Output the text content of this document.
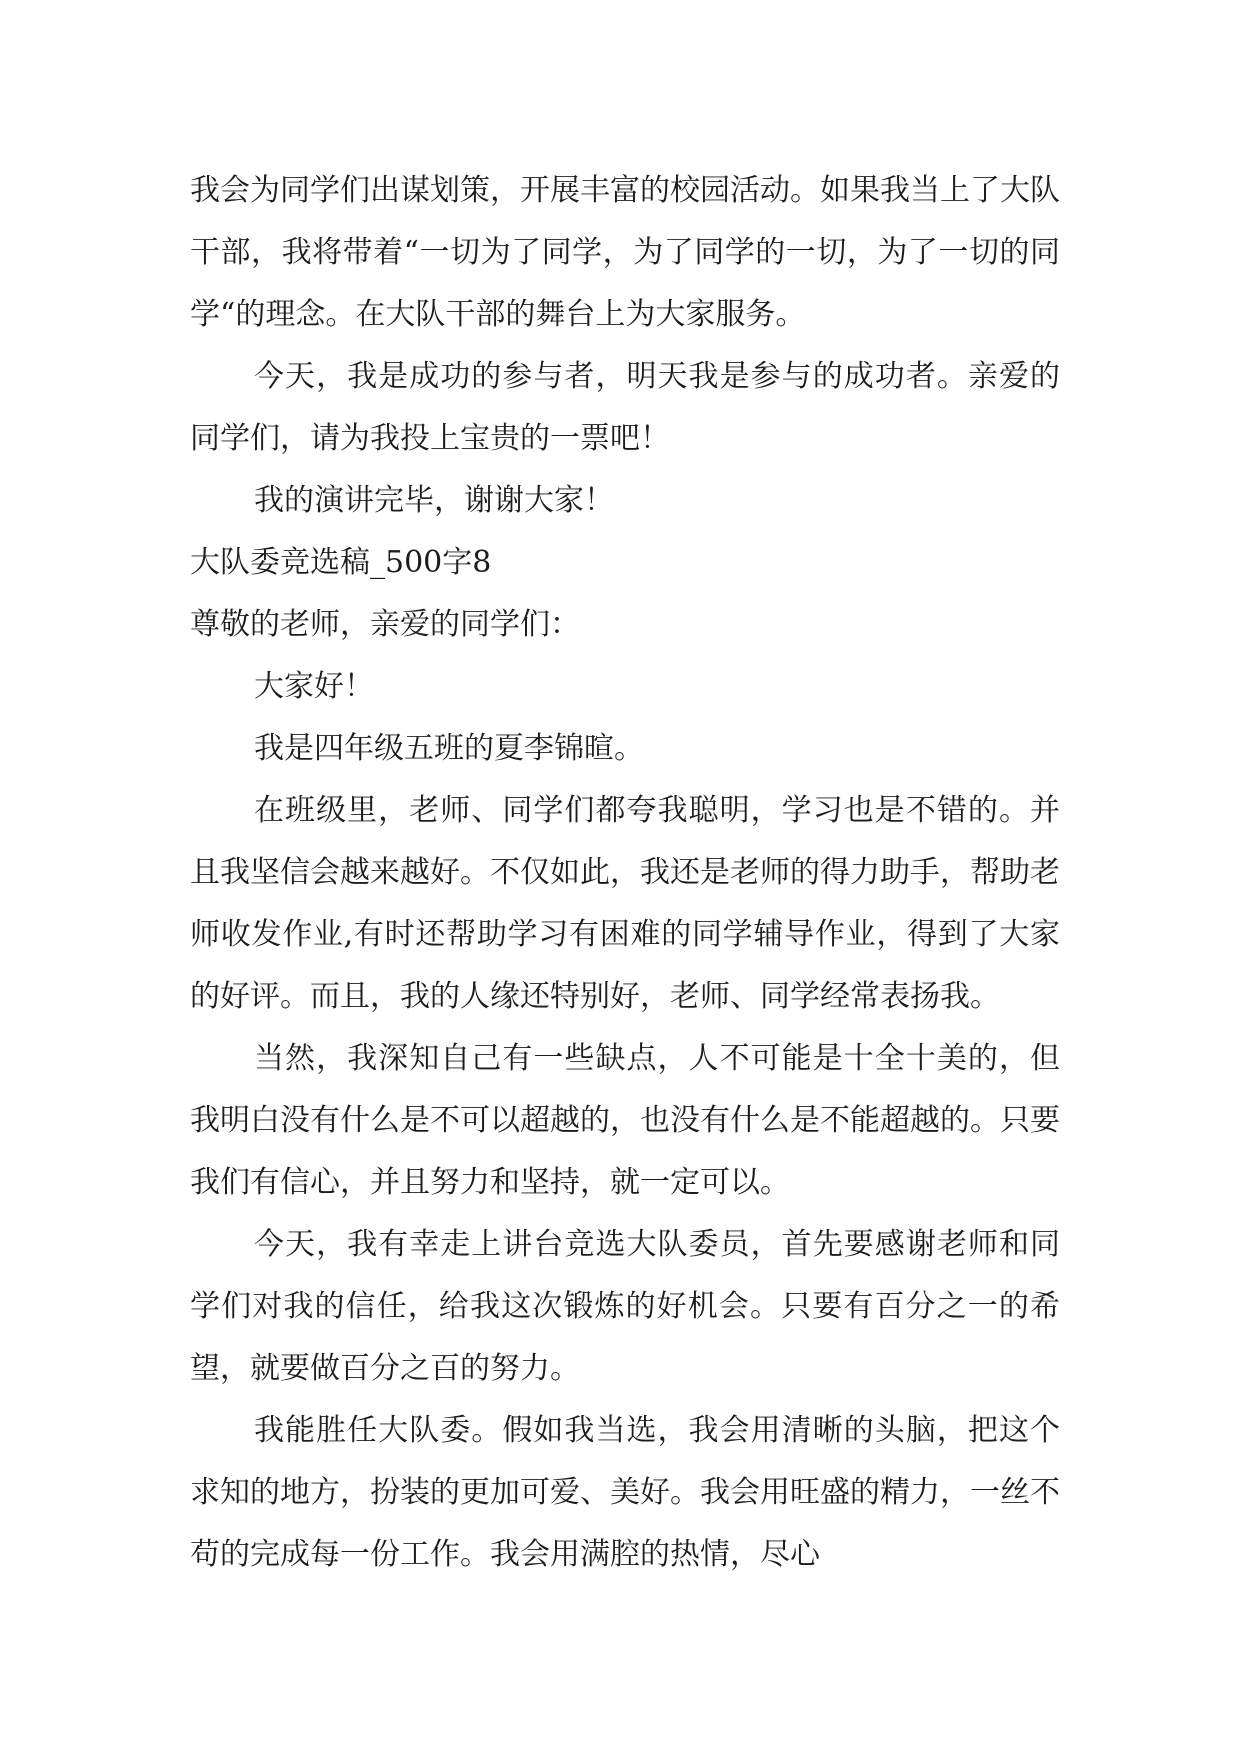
我会为同学们出谋划策，开展丰富的校园活动。如果我当上了大队干部，我将带着“一切为了同学，为了同学的一切，为了一切的同学“的理念。在大队干部的舞台上为大家服务。

今天，我是成功的参与者，明天我是参与的成功者。亲爱的同学们，请为我投上宝贵的一票吧！

我的演讲完毕，谢谢大家！

大队委竞选稿_500字8

尊敬的老师，亲爱的同学们：

大家好！

我是四年级五班的夏李锦暄。

在班级里，老师、同学们都夸我聪明，学习也是不错的。并且我坚信会越来越好。不仅如此，我还是老师的得力助手，帮助老师收发作业,有时还帮助学习有困难的同学辅导作业，得到了大家的好评。而且，我的人缘还特别好，老师、同学经常表扬我。

当然，我深知自己有一些缺点，人不可能是十全十美的，但我明白没有什么是不可以超越的，也没有什么是不能超越的。只要我们有信心，并且努力和坚持，就一定可以。

今天，我有幸走上讲台竞选大队委员，首先要感谢老师和同学们对我的信任，给我这次锻炼的好机会。只要有百分之一的希望，就要做百分之百的努力。

我能胜任大队委。假如我当选，我会用清晰的头脑，把这个求知的地方，扮装的更加可爱、美好。我会用旺盛的精力，一丝不苟的完成每一份工作。我会用满腔的热情，尽心
